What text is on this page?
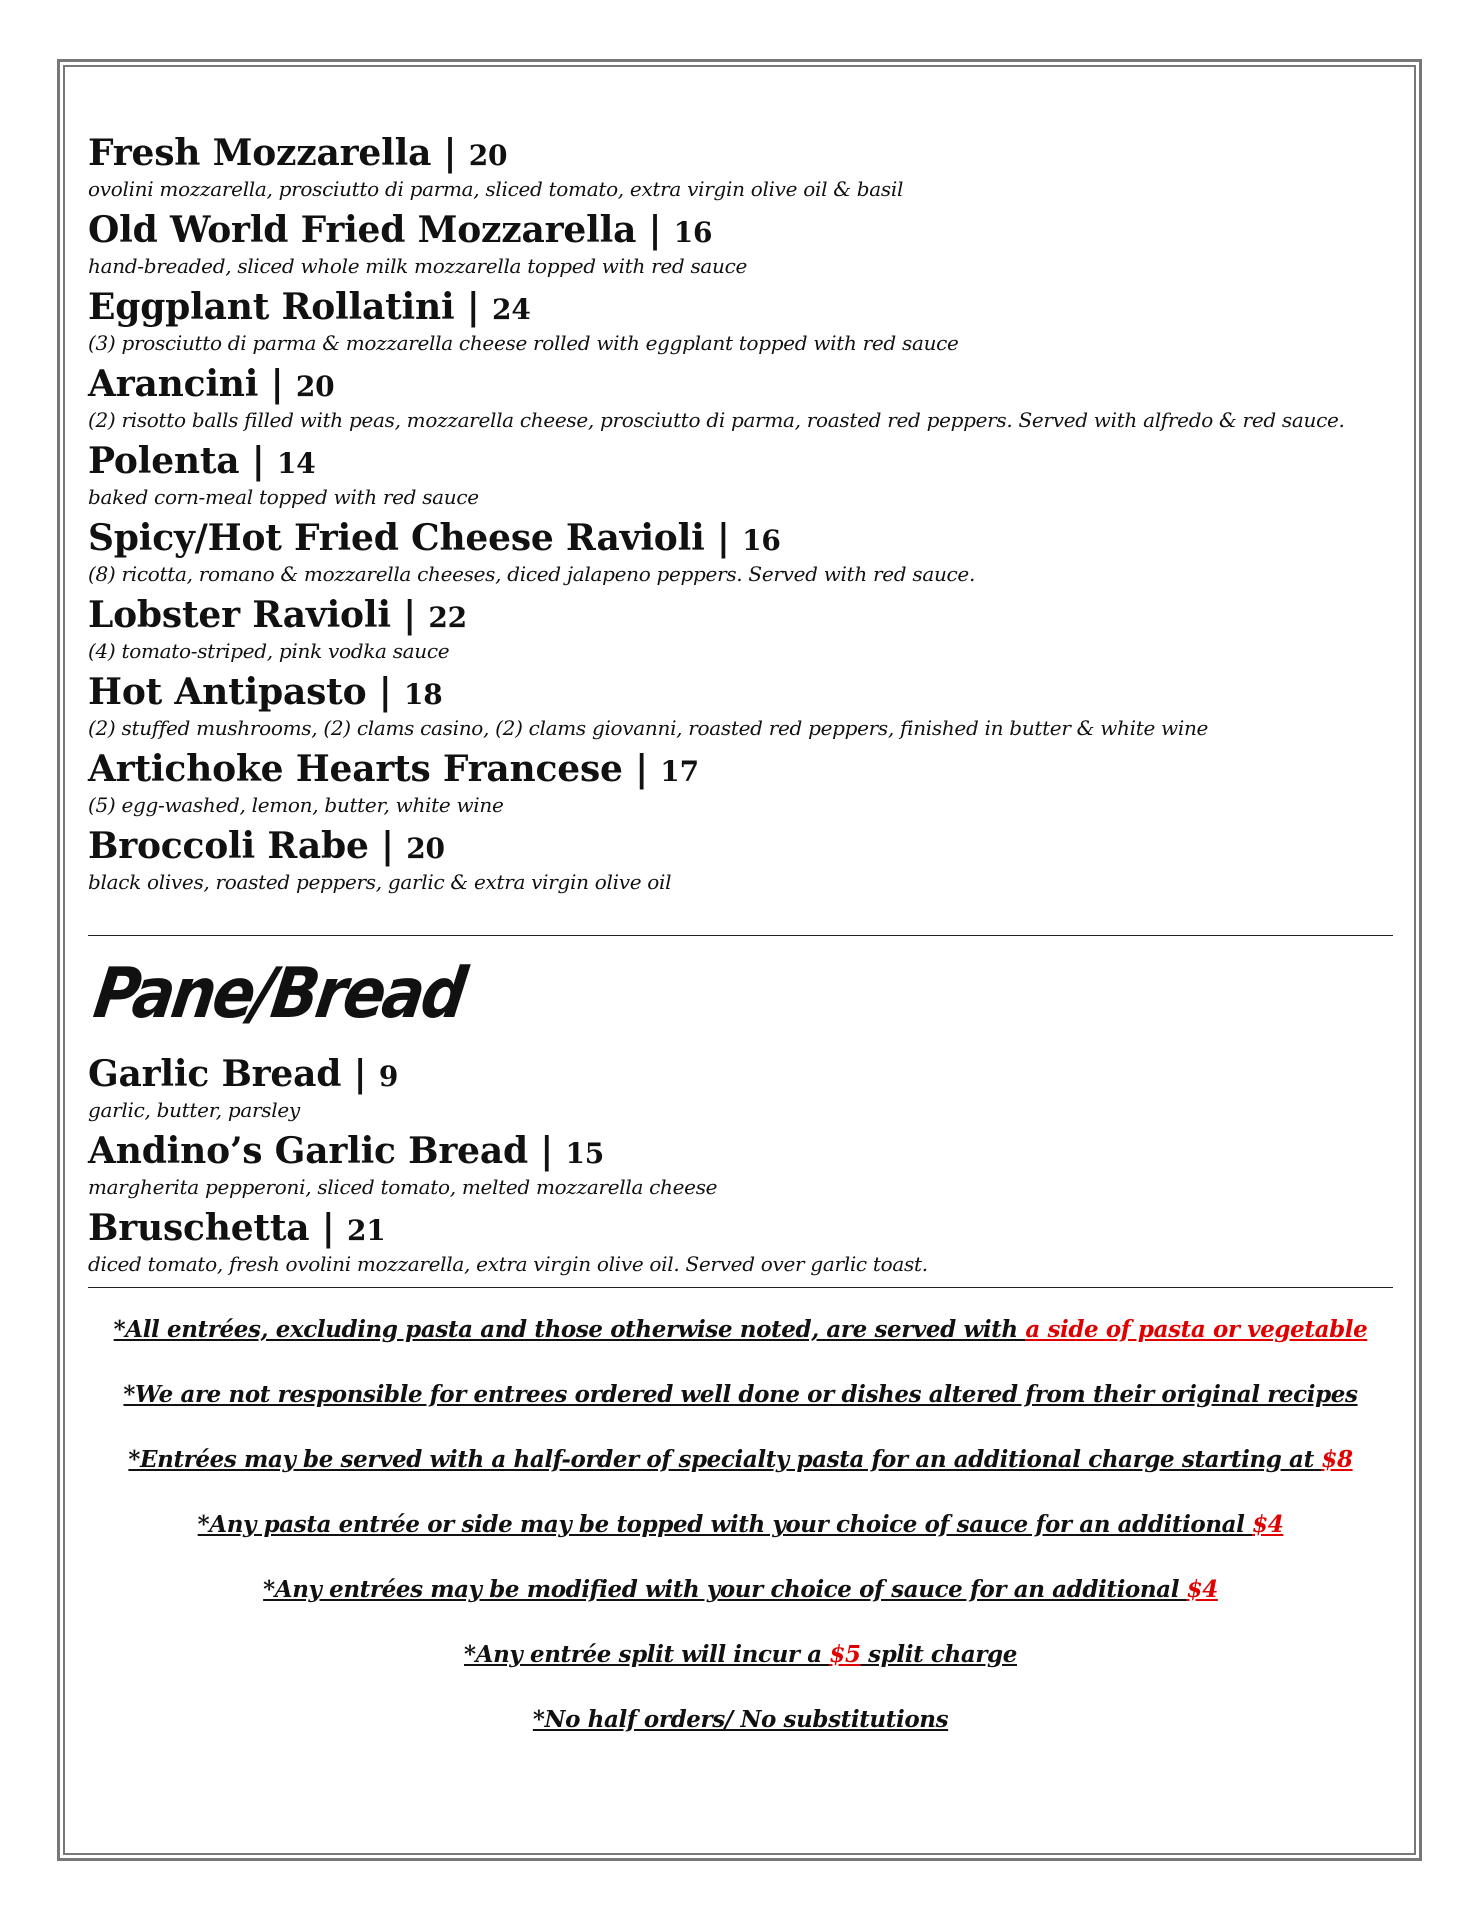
Fresh Mozzarella | 20
ovolini mozzarella, prosciutto di parma, sliced tomato, extra virgin olive oil & basil
Old World Fried Mozzarella | 16
hand-breaded, sliced whole milk mozzarella topped with red sauce
Eggplant Rollatini | 24
(3) prosciutto di parma & mozzarella cheese rolled with eggplant topped with red sauce
Arancini | 20
(2) risotto balls filled with peas, mozzarella cheese, prosciutto di parma, roasted red peppers. Served with alfredo & red sauce.
Polenta | 14
baked corn-meal topped with red sauce
Spicy/Hot Fried Cheese Ravioli | 16
(8) ricotta, romano & mozzarella cheeses, diced jalapeno peppers. Served with red sauce.
Lobster Ravioli | 22
(4) tomato-striped, pink vodka sauce
Hot Antipasto | 18
(2) stuffed mushrooms, (2) clams casino, (2) clams giovanni, roasted red peppers, finished in butter & white wine
Artichoke Hearts Francese | 17
(5) egg-washed, lemon, butter, white wine
Broccoli Rabe | 20
black olives, roasted peppers, garlic & extra virgin olive oil
Pane/Bread
Garlic Bread | 9
garlic, butter, parsley
Andino’s Garlic Bread | 15
margherita pepperoni, sliced tomato, melted mozzarella cheese
Bruschetta | 21
diced tomato, fresh ovolini mozzarella, extra virgin olive oil. Served over garlic toast.
*All entrées, excluding pasta and those otherwise noted, are served with a side of pasta or vegetable
*We are not responsible for entrees ordered well done or dishes altered from their original recipes
*Entrées may be served with a half-order of specialty pasta for an additional charge starting at $8
*Any pasta entrée or side may be topped with your choice of sauce for an additional $4
*Any entrées may be modified with your choice of sauce for an additional $4
*Any entrée split will incur a $5 split charge
*No half orders/ No substitutions
